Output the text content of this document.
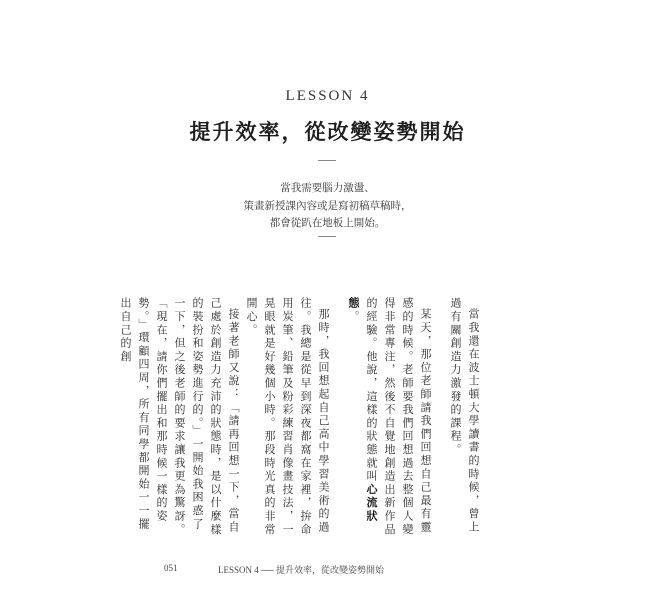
LESSON 4
提升效率，從改變姿勢開始
當我需要腦力激盪、
策畫新授課內容或是寫初稿草稿時，
都會從趴在地板上開始。

當我還在波士頓大學讀書的時候，曾上過有關創造力激發的課程。

某天，那位老師請我們回想自己最有靈感的時候。老師要我們回想過去整個人變得非常專注，然後不自覺地創造出新作品的經驗。他說，這樣的狀態就叫心流狀態。

那時，我回想起自己高中學習美術的過往。我總是從早到深夜都窩在家裡，拚命用炭筆、鉛筆及粉彩練習肖像畫技法，一晃眼就是好幾個小時。那段時光真的非常開心。

接著老師又說：「請再回想一下，當自己處於創造力充沛的狀態時，是以什麼樣的裝扮和姿勢進行的。」一開始我困惑了一下，但之後老師的要求讓我更為驚訝。「現在，請你們擺出和那時候一樣的姿勢。」環顧四周，所有同學都開始一一擺出自己的創

051	LESSON 4 ── 提升效率，從改變姿勢開始
